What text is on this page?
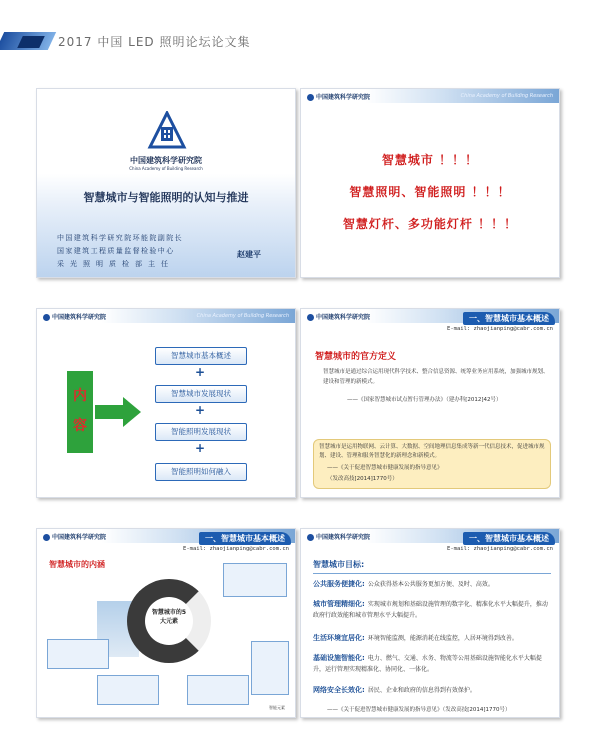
2017 中国 LED 照明论坛论文集
中国建筑科学研究院
China Academy of Building Research
智慧城市与智能照明的认知与推进
中国建筑科学研究院环能院副院长
国家建筑工程质量监督检验中心
采光照明质检部主任
赵建平
中国建筑科学研究院	China Academy of Building Research
智慧城市 ！！！
智慧照明、智能照明 ！！！
智慧灯杆、多功能灯杆 ！！！
中国建筑科学研究院	China Academy of Building Research
内容
智慧城市基本概述
+
智慧城市发展现状
+
智能照明发展现状
+
智能照明如何融入
中国建筑科学研究院	一、智慧城市基本概述
E-mail: zhaojianping@cabr.com.cn
智慧城市的官方定义
智慧城市是通过综合运用现代科学技术、整合信息资源、统筹业务应用系统，加强城市规划、建设和管理的新模式。
——《国家智慧城市试点暂行管理办法》（建办科[2012]42号）
智慧城市是运用物联网、云计算、大数据、空间地理信息集成等新一代信息技术，促进城市规划、建设、管理和服务智慧化的新理念和新模式。
——《关于促进智慧城市健康发展的指导意见》
（发改高技[2014]1770号）
中国建筑科学研究院	一、智慧城市基本概述
E-mail: zhaojianping@cabr.com.cn
智慧城市的内涵
智慧城市的5大元素
智能元素
中国建筑科学研究院	一、智慧城市基本概述
E-mail: zhaojianping@cabr.com.cn
智慧城市目标:
公共服务便捷化: 公众获得基本公共服务更加方便、及时、高效。
城市管理精细化: 实现城市规划和基础设施管理的数字化、精准化水平大幅提升，推动政府行政效能和城市管理水平大幅提升。
生活环境宜居化: 环境智能监测，能源消耗在线监控，人居环境得到改善。
基础设施智能化: 电力、燃气、交通、水务、物流等公用基础设施智能化水平大幅提升，运行管理实现精准化、协同化、一体化。
网络安全长效化: 居民、企业和政府的信息得到有效保护。
——《关于促进智慧城市健康发展的指导意见》（发改高技[2014]1770号）
